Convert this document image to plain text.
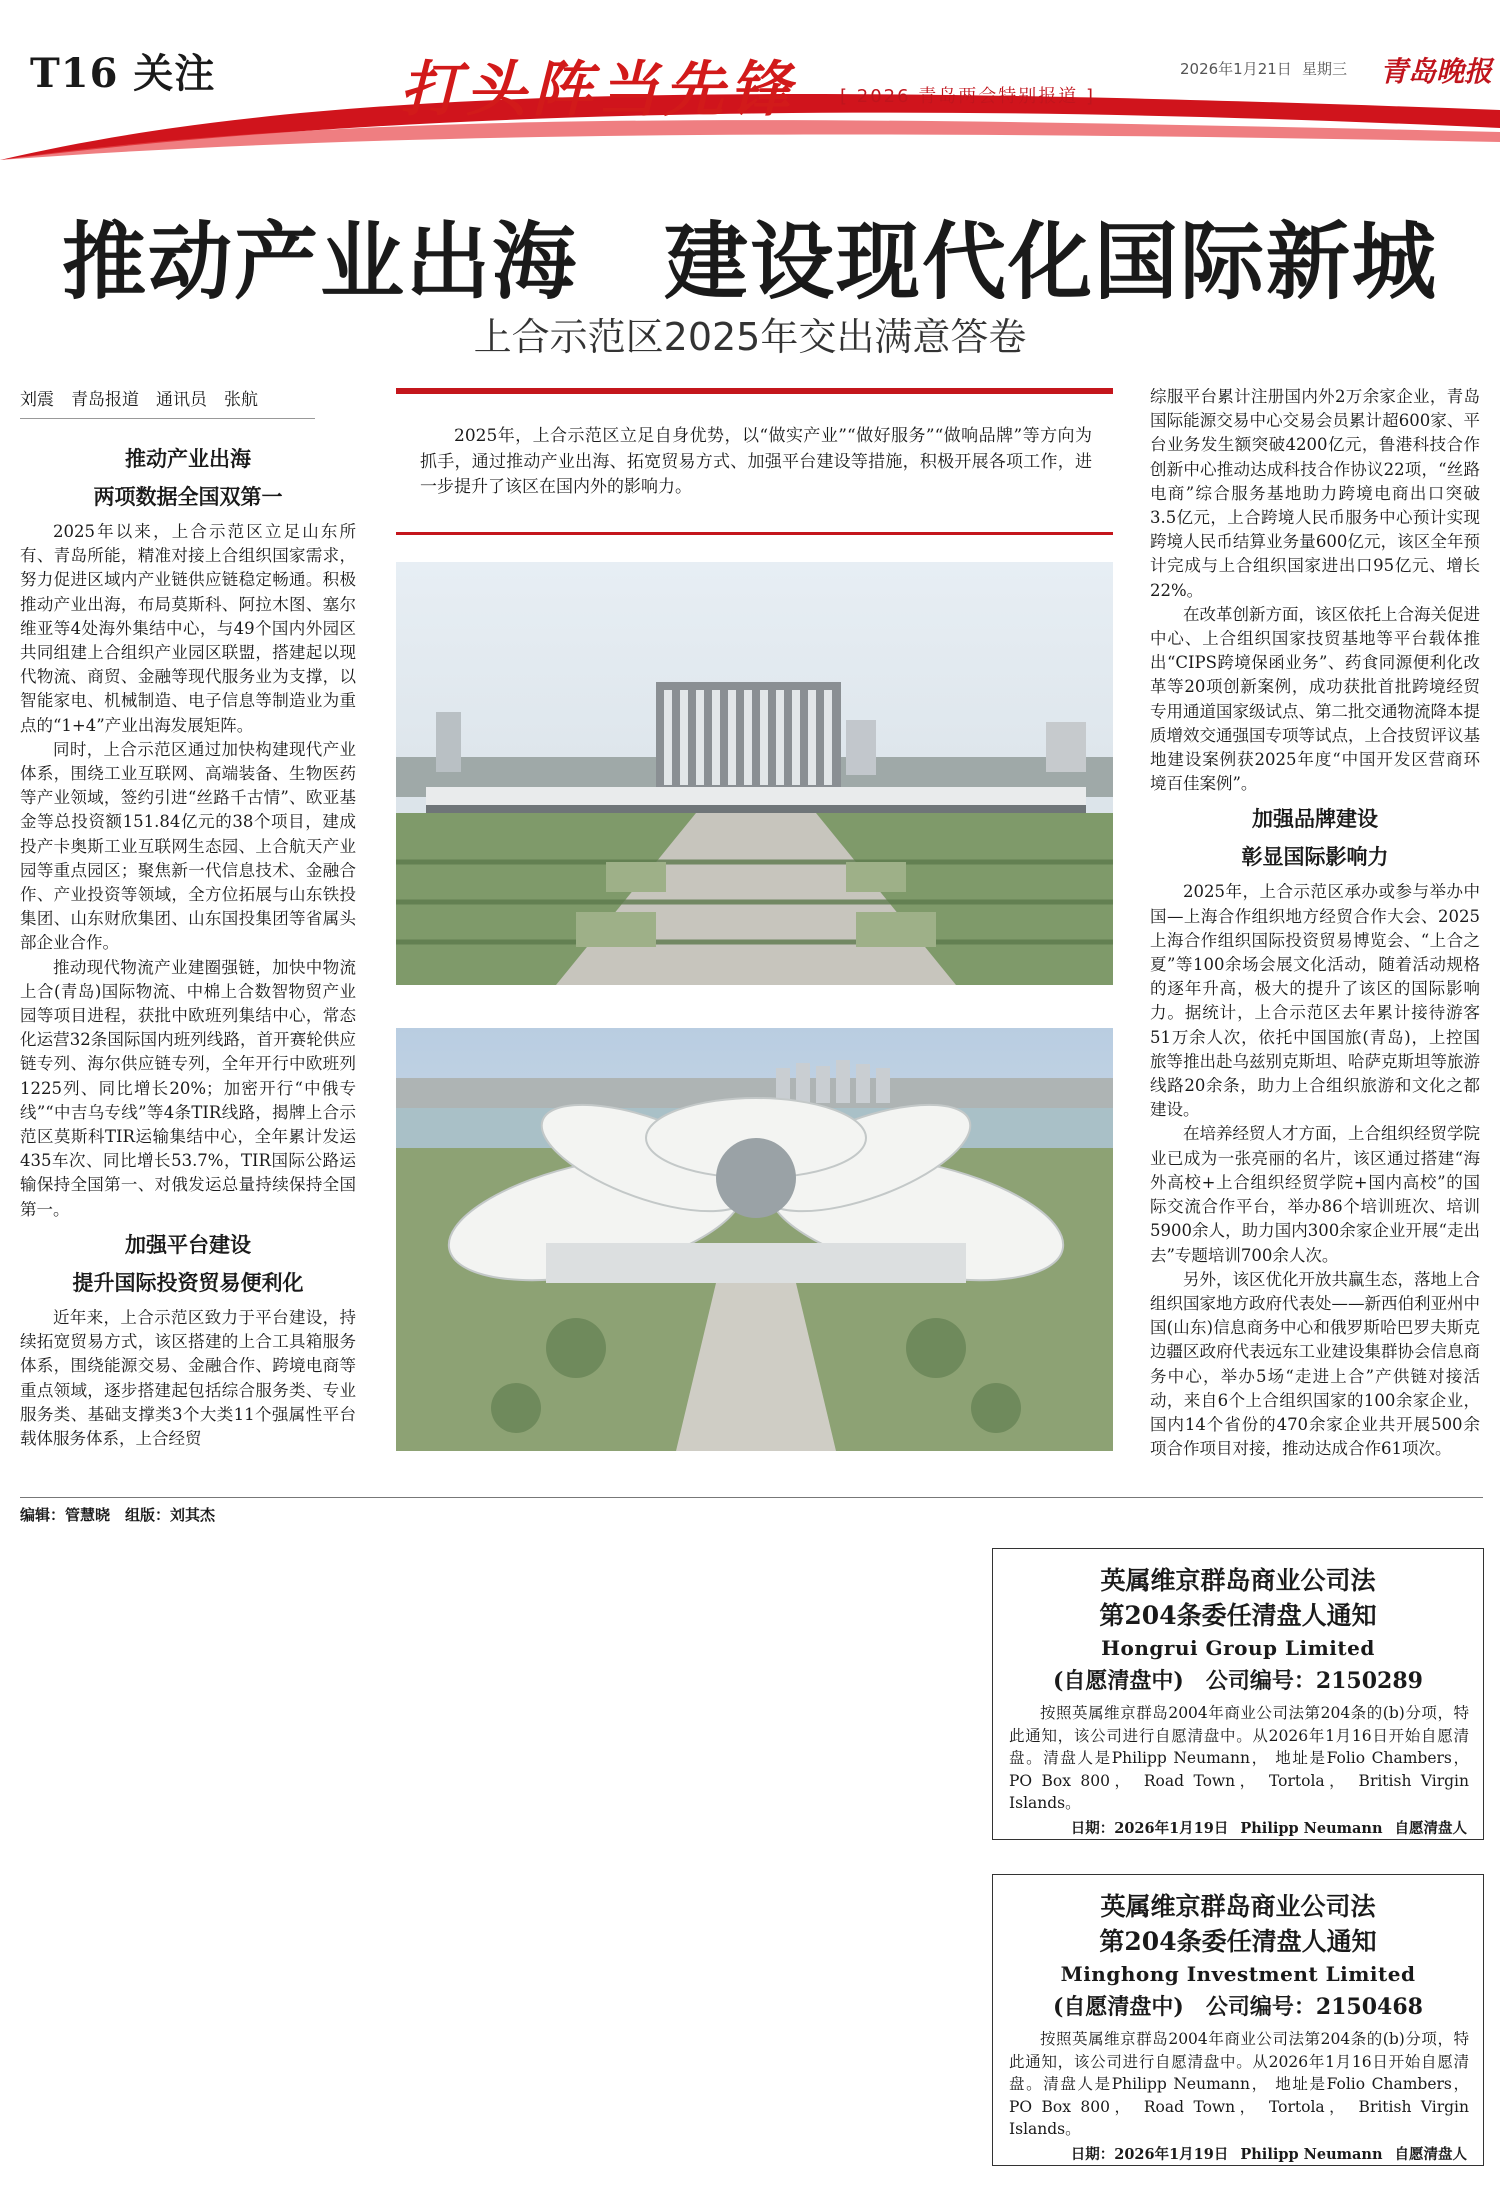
T16 关注	打头阵当先锋 [ 2026 青岛两会特别报道 ]
2026年1月21日 星期三 青岛晚报
推动产业出海　建设现代化国际新城
上合示范区2025年交出满意答卷
刘震　青岛报道　通讯员　张航
推动产业出海
两项数据全国双第一

2025年以来，上合示范区立足山东所有、青岛所能，精准对接上合组织国家需求，努力促进区域内产业链供应链稳定畅通。积极推动产业出海，布局莫斯科、阿拉木图、塞尔维亚等4处海外集结中心，与49个国内外园区共同组建上合组织产业园区联盟，搭建起以现代物流、商贸、金融等现代服务业为支撑，以智能家电、机械制造、电子信息等制造业为重点的“1+4”产业出海发展矩阵。

同时，上合示范区通过加快构建现代产业体系，围绕工业互联网、高端装备、生物医药等产业领域，签约引进“丝路千古情”、欧亚基金等总投资额151.84亿元的38个项目，建成投产卡奥斯工业互联网生态园、上合航天产业园等重点园区；聚焦新一代信息技术、金融合作、产业投资等领域，全方位拓展与山东铁投集团、山东财欣集团、山东国投集团等省属头部企业合作。

推动现代物流产业建圈强链，加快中物流上合(青岛)国际物流、中棉上合数智物贸产业园等项目进程，获批中欧班列集结中心，常态化运营32条国际国内班列线路，首开赛轮供应链专列、海尔供应链专列，全年开行中欧班列1225列、同比增长20%；加密开行“中俄专线”“中吉乌专线”等4条TIR线路，揭牌上合示范区莫斯科TIR运输集结中心，全年累计发运435车次、同比增长53.7%，TIR国际公路运输保持全国第一、对俄发运总量持续保持全国第一。

加强平台建设
提升国际投资贸易便利化

近年来，上合示范区致力于平台建设，持续拓宽贸易方式，该区搭建的上合工具箱服务体系，围绕能源交易、金融合作、跨境电商等重点领域，逐步搭建起包括综合服务类、专业服务类、基础支撑类3个大类11个强属性平台载体服务体系，上合经贸

2025年，上合示范区立足自身优势，以“做实产业”“做好服务”“做响品牌”等方向为抓手，通过推动产业出海、拓宽贸易方式、加强平台建设等措施，积极开展各项工作，进一步提升了该区在国内外的影响力。

综服平台累计注册国内外2万余家企业，青岛国际能源交易中心交易会员累计超600家、平台业务发生额突破4200亿元，鲁港科技合作创新中心推动达成科技合作协议22项，“丝路电商”综合服务基地助力跨境电商出口突破3.5亿元，上合跨境人民币服务中心预计实现跨境人民币结算业务量600亿元，该区全年预计完成与上合组织国家进出口95亿元、增长22%。

在改革创新方面，该区依托上合海关促进中心、上合组织国家技贸基地等平台载体推出“CIPS跨境保函业务”、药食同源便利化改革等20项创新案例，成功获批首批跨境经贸专用通道国家级试点、第二批交通物流降本提质增效交通强国专项等试点，上合技贸评议基地建设案例获2025年度“中国开发区营商环境百佳案例”。

加强品牌建设
彰显国际影响力

2025年，上合示范区承办或参与举办中国—上海合作组织地方经贸合作大会、2025上海合作组织国际投资贸易博览会、“上合之夏”等100余场会展文化活动，随着活动规格的逐年升高，极大的提升了该区的国际影响力。据统计，上合示范区去年累计接待游客51万余人次，依托中国国旅(青岛)，上控国旅等推出赴乌兹别克斯坦、哈萨克斯坦等旅游线路20余条，助力上合组织旅游和文化之都建设。

在培养经贸人才方面，上合组织经贸学院业已成为一张亮丽的名片，该区通过搭建“海外高校+上合组织经贸学院+国内高校”的国际交流合作平台，举办86个培训班次、培训5900余人，助力国内300余家企业开展“走出去”专题培训700余人次。

另外，该区优化开放共赢生态，落地上合组织国家地方政府代表处——新西伯利亚州中国(山东)信息商务中心和俄罗斯哈巴罗夫斯克边疆区政府代表远东工业建设集群协会信息商务中心，举办5场“走进上合”产供链对接活动，来自6个上合组织国家的100余家企业，国内14个省份的470余家企业共开展500余项合作项目对接，推动达成合作61项次。

编辑：管慧晓　组版：刘其杰
英属维京群岛商业公司法
第204条委任清盘人通知
Hongrui Group Limited
(自愿清盘中)　公司编号：2150289
按照英属维京群岛2004年商业公司法第204条的(b)分项，特此通知，该公司进行自愿清盘中。从2026年1月16日开始自愿清盘。清盘人是Philipp Neumann， 地址是Folio Chambers， PO Box 800， Road Town， Tortola， British Virgin Islands。
日期：2026年1月19日 Philipp Neumann 自愿清盘人
英属维京群岛商业公司法
第204条委任清盘人通知
Minghong Investment Limited
(自愿清盘中)　公司编号：2150468
按照英属维京群岛2004年商业公司法第204条的(b)分项，特此通知，该公司进行自愿清盘中。从2026年1月16日开始自愿清盘。清盘人是Philipp Neumann， 地址是Folio Chambers， PO Box 800， Road Town， Tortola， British Virgin Islands。
日期：2026年1月19日 Philipp Neumann 自愿清盘人
